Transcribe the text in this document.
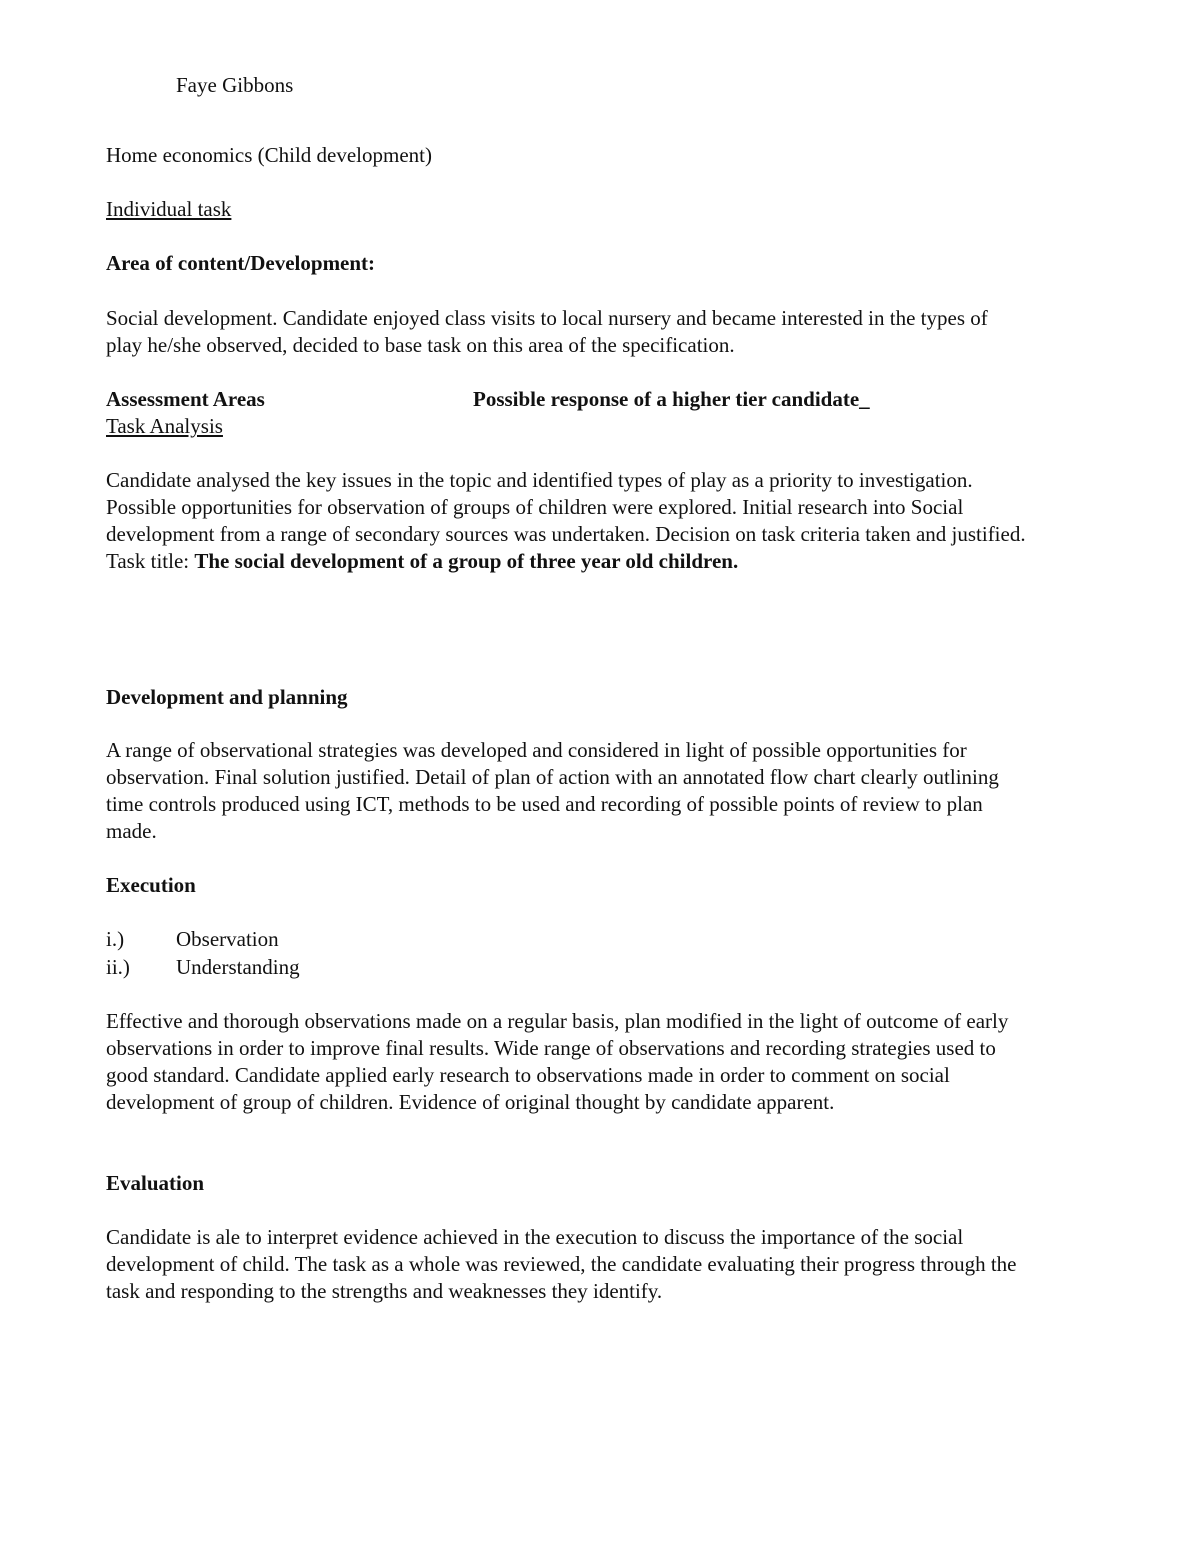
Faye Gibbons
Home economics (Child development)
Individual task
Area of content/Development:
Social development. Candidate enjoyed class visits to local nursery and became interested in the types of play he/she observed, decided to base task on this area of the specification.
Assessment Areas	Possible response of a higher tier candidate_
Task Analysis
Candidate analysed the key issues in the topic and identified types of play as a priority to investigation. Possible opportunities for observation of groups of children were explored. Initial research into Social development from a range of secondary sources was undertaken. Decision on task criteria taken and justified. Task title: The social development of a group of three year old children.
Development and planning
A range of observational strategies was developed and considered in light of possible opportunities for observation. Final solution justified. Detail of plan of action with an annotated flow chart clearly outlining time controls produced using ICT, methods to be used and recording of possible points of review to plan made.
Execution
i.) Observation
ii.) Understanding
Effective and thorough observations made on a regular basis, plan modified in the light of outcome of early observations in order to improve final results. Wide range of observations and recording strategies used to good standard. Candidate applied early research to observations made in order to comment on social development of group of children. Evidence of original thought by candidate apparent.
Evaluation
Candidate is ale to interpret evidence achieved in the execution to discuss the importance of the social development of child. The task as a whole was reviewed, the candidate evaluating their progress through the task and responding to the strengths and weaknesses they identify.
